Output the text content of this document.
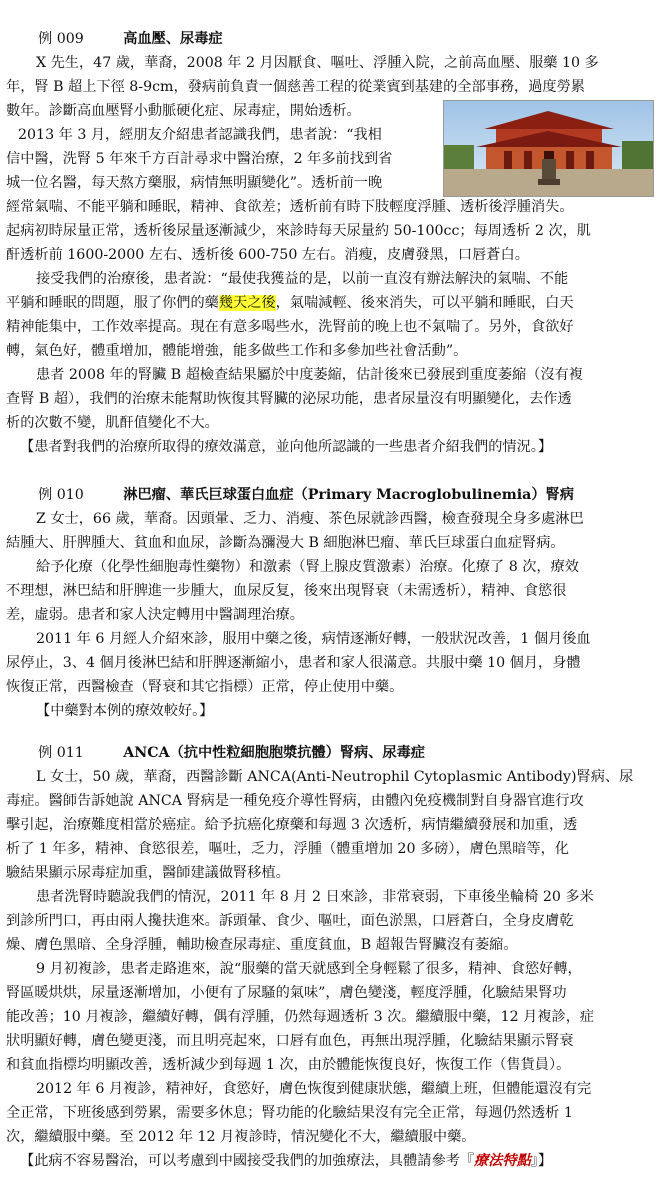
例 009	高血壓、尿毒症
X 先生，47 歲，華裔，2008 年 2 月因厭食、嘔吐、浮腫入院，之前高血壓、服藥 10 多
年，腎 B 超上下徑 8-9cm，發病前負責一個慈善工程的從業賓到基建的全部事務，過度勞累
數年。診斷高血壓腎小動脈硬化症、尿毒症，開始透析。
2013 年 3 月，經朋友介紹患者認識我們，患者說：“我相
信中醫，洗腎 5 年來千方百計尋求中醫治療，2 年多前找到省
城一位名醫，每天熬方藥服，病情無明顯變化”。透析前一晚
經常氣喘、不能平躺和睡眠，精神、食欲差；透析前有時下肢輕度浮腫、透析後浮腫消失。
起病初時尿量正常，透析後尿量逐漸減少，來診時每天尿量約 50-100cc；每周透析 2 次，肌
酐透析前 1600-2000 左右、透析後 600-750 左右。消瘦，皮膚發黑，口唇蒼白。
接受我們的治療後，患者說：“最使我獲益的是，以前一直沒有辦法解決的氣喘、不能
平躺和睡眠的問題，服了你們的藥幾天之後，氣喘減輕、後來消失，可以平躺和睡眠，白天
精神能集中，工作效率提高。現在有意多喝些水，洗腎前的晚上也不氣喘了。另外，食欲好
轉，氣色好，體重增加，體能增強，能多做些工作和多參加些社會活動”。
患者 2008 年的腎臟 B 超檢查結果屬於中度萎縮，估計後來已發展到重度萎縮（沒有複
查腎 B 超），我們的治療未能幫助恢復其腎臟的泌尿功能，患者尿量沒有明顯變化，去作透
析的次數不變，肌酐值變化不大。
【患者對我們的治療所取得的療效滿意，並向他所認識的一些患者介紹我們的情況。】
例 010	淋巴瘤、華氏巨球蛋白血症（Primary Macroglobulinemia）腎病
Z 女士，66 歲，華裔。因頭暈、乏力、消瘦、茶色尿就診西醫，檢查發現全身多處淋巴
結腫大、肝脾腫大、貧血和血尿，診斷為瀰漫大 B 細胞淋巴瘤、華氏巨球蛋白血症腎病。
給予化療（化學性細胞毒性藥物）和激素（腎上腺皮質激素）治療。化療了 8 次，療效
不理想，淋巴結和肝脾進一步腫大，血尿反复，後來出現腎衰（未需透析），精神、食慾很
差，虛弱。患者和家人決定轉用中醫調理治療。
2011 年 6 月經人介紹來診，服用中藥之後，病情逐漸好轉，一般狀況改善，1 個月後血
尿停止，3、4 個月後淋巴結和肝脾逐漸縮小，患者和家人很滿意。共服中藥 10 個月，身體
恢復正常，西醫檢查（腎衰和其它指標）正常，停止使用中藥。
【中藥對本例的療效較好。】
例 011	ANCA（抗中性粒細胞胞漿抗體）腎病、尿毒症
L 女士，50 歲，華裔，西醫診斷 ANCA(Anti-Neutrophil Cytoplasmic Antibody)腎病、尿
毒症。醫師告訴她說 ANCA 腎病是一種免疫介導性腎病，由體內免疫機制對自身器官進行攻
擊引起，治療難度相當於癌症。給予抗癌化療藥和每週 3 次透析，病情繼續發展和加重，透
析了 1 年多，精神、食慾很差，嘔吐，乏力，浮腫（體重增加 20 多磅），膚色黑暗等，化
驗結果顯示尿毒症加重，醫師建議做腎移植。
患者洗腎時聽說我們的情況，2011 年 8 月 2 日來診，非常衰弱，下車後坐輪椅 20 多米
到診所門口，再由兩人攙扶進來。訴頭暈、食少、嘔吐，面色淤黑，口唇蒼白，全身皮膚乾
燥、膚色黑暗、全身浮腫，輔助檢查尿毒症、重度貧血，B 超報告腎臟沒有萎縮。
9 月初複診，患者走路進來，說“服藥的當天就感到全身輕鬆了很多，精神、食慾好轉，
腎區暖烘烘，尿量逐漸增加，小便有了尿騷的氣味”，膚色變淺，輕度浮腫，化驗結果腎功
能改善；10 月複診，繼續好轉，偶有浮腫，仍然每週透析 3 次。繼續服中藥，12 月複診，症
狀明顯好轉，膚色變更淺，而且明亮起來，口唇有血色，再無出現浮腫，化驗結果顯示腎衰
和貧血指標均明顯改善，透析減少到每週 1 次，由於體能恢復良好，恢復工作（售貨員）。
2012 年 6 月複診，精神好，食慾好，膚色恢復到健康狀態，繼續上班，但體能還沒有完
全正常，下班後感到勞累，需要多休息；腎功能的化驗結果沒有完全正常，每週仍然透析 1
次，繼續服中藥。至 2012 年 12 月複診時，情況變化不大，繼續服中藥。
【此病不容易醫治，可以考慮到中國接受我們的加強療法，具體請參考『療法特點』】
